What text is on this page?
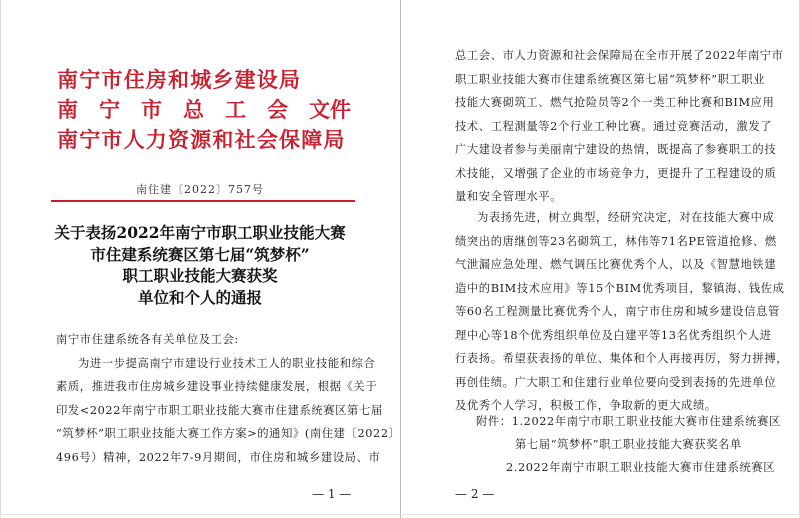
南宁市住房和城乡建设局
南 宁 市 总 工 会 文件
南宁市人力资源和社会保障局
南住建〔2022〕757号
关于表扬2022年南宁市职工职业技能大赛
市住建系统赛区第七届“筑梦杯”
职工职业技能大赛获奖
单位和个人的通报
南宁市住建系统各有关单位及工会:
为进一步提高南宁市建设行业技术工人的职业技能和综合
素质，推进我市住房城乡建设事业持续健康发展，根据《关于
印发<2022年南宁市职工职业技能大赛市住建系统赛区第七届
“筑梦杯”职工职业技能大赛工作方案>的通知》(南住建〔2022〕
496号）精神，2022年7-9月期间，市住房和城乡建设局、市
— 1 —
总工会、市人力资源和社会保障局在全市开展了2022年南宁市
职工职业技能大赛市住建系统赛区第七届“筑梦杯”职工职业
技能大赛砌筑工、燃气抢险员等2个一类工种比赛和BIM应用
技术、工程测量等2个行业工种比赛。通过竞赛活动，激发了
广大建设者参与美丽南宁建设的热情，既提高了参赛职工的技
术技能，又增强了企业的市场竞争力，更提升了工程建设的质
量和安全管理水平。
为表扬先进，树立典型，经研究决定，对在技能大赛中成
绩突出的唐继创等23名砌筑工，林伟等71名PE管道抢修、燃
气泄漏应急处理、燃气调压比赛优秀个人，以及《智慧地铁建
造中的BIM技术应用》等15个BIM优秀项目，黎镇海、钱佐成
等60名工程测量比赛优秀个人，南宁市住房和城乡建设信息管
理中心等18个优秀组织单位及白建平等13名优秀组织个人进
行表扬。希望获表扬的单位、集体和个人再接再厉，努力拼搏，
再创佳绩。广大职工和住建行业单位要向受到表扬的先进单位
及优秀个人学习，积极工作，争取新的更大成绩。
附件：1.2022年南宁市职工职业技能大赛市住建系统赛区
第七届“筑梦杯”职工职业技能大赛获奖名单
2.2022年南宁市职工职业技能大赛市住建系统赛区
— 2 —
